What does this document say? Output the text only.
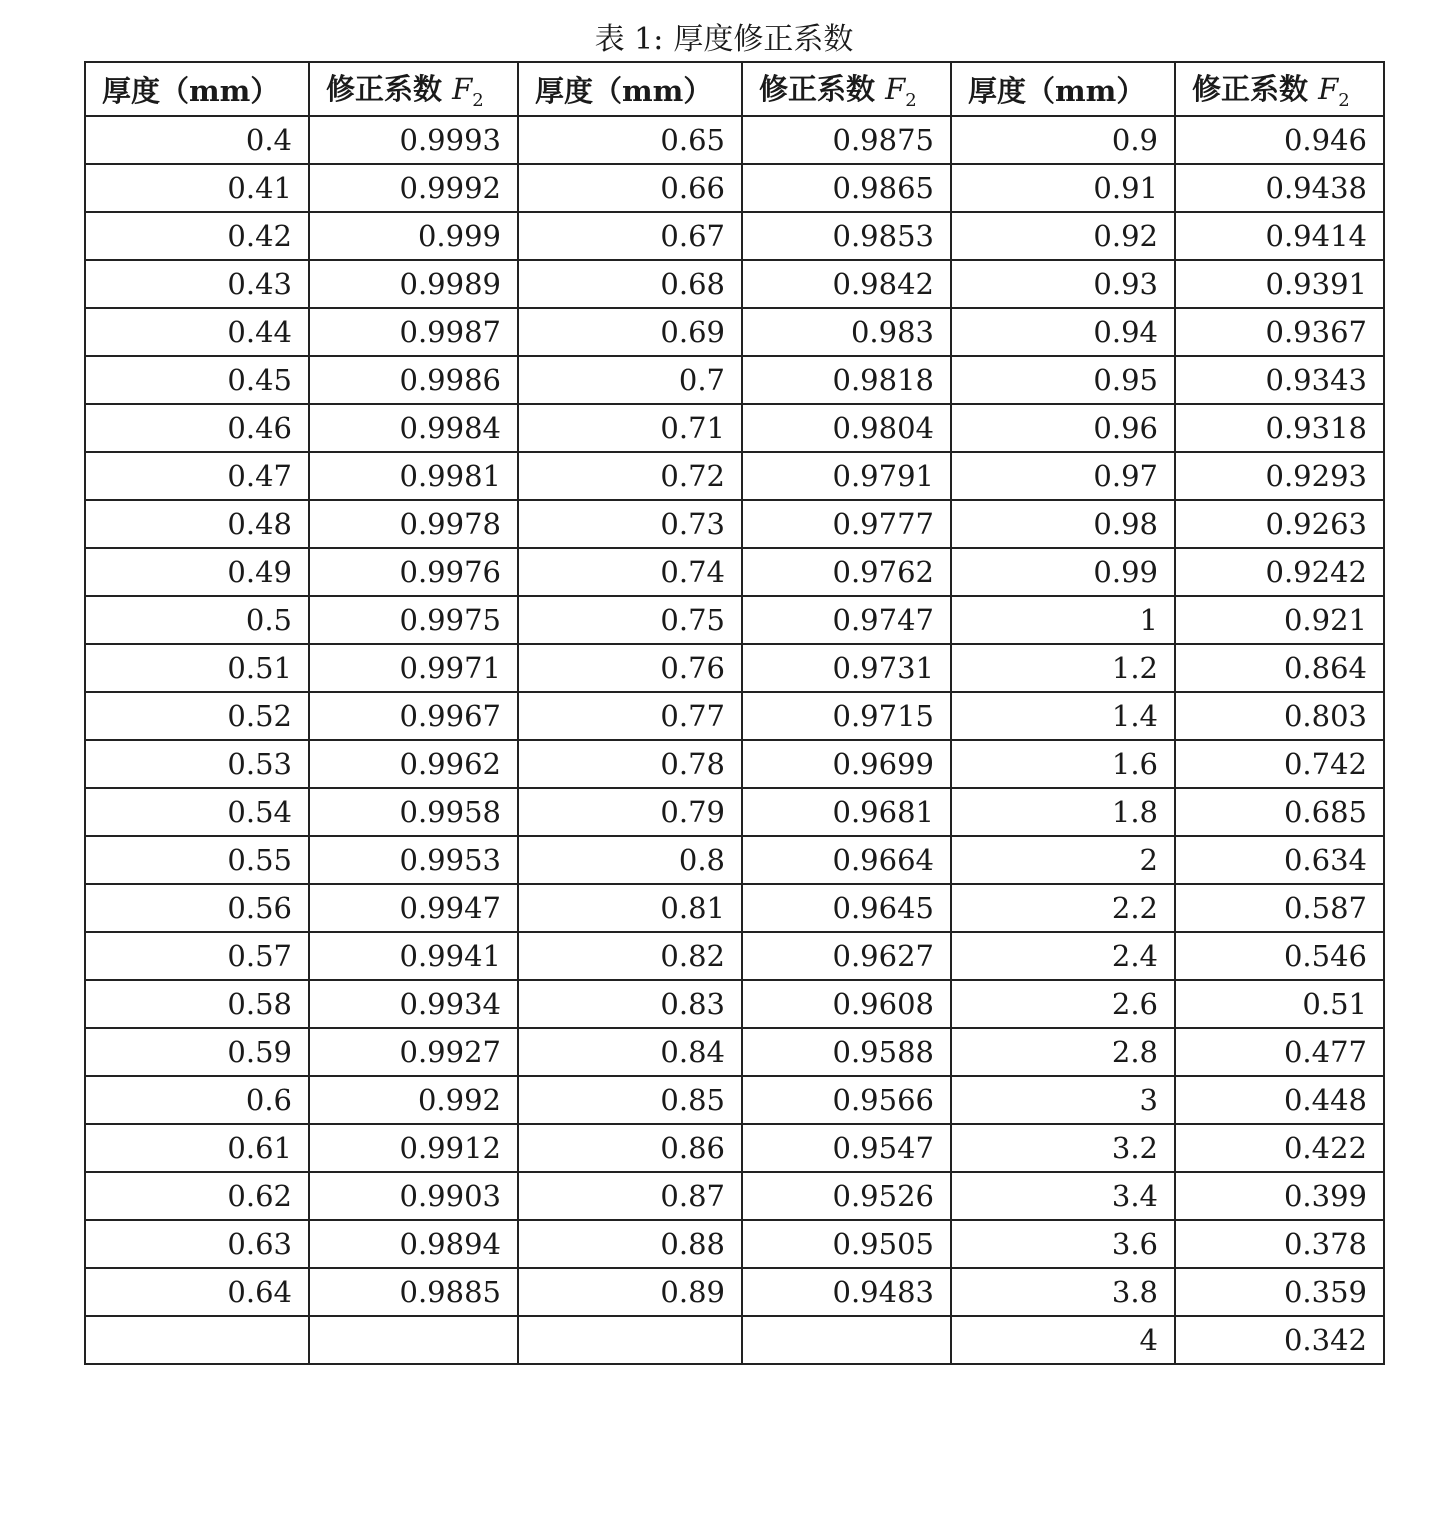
表 1: 厚度修正系数
厚度（mm）	修正系数 $F_2$	厚度（mm）	修正系数 $F_2$	厚度（mm）	修正系数 $F_2$
0.4	0.9993	0.65	0.9875	0.9	0.946
0.41	0.9992	0.66	0.9865	0.91	0.9438
0.42	0.999	0.67	0.9853	0.92	0.9414
0.43	0.9989	0.68	0.9842	0.93	0.9391
0.44	0.9987	0.69	0.983	0.94	0.9367
0.45	0.9986	0.7	0.9818	0.95	0.9343
0.46	0.9984	0.71	0.9804	0.96	0.9318
0.47	0.9981	0.72	0.9791	0.97	0.9293
0.48	0.9978	0.73	0.9777	0.98	0.9263
0.49	0.9976	0.74	0.9762	0.99	0.9242
0.5	0.9975	0.75	0.9747	1	0.921
0.51	0.9971	0.76	0.9731	1.2	0.864
0.52	0.9967	0.77	0.9715	1.4	0.803
0.53	0.9962	0.78	0.9699	1.6	0.742
0.54	0.9958	0.79	0.9681	1.8	0.685
0.55	0.9953	0.8	0.9664	2	0.634
0.56	0.9947	0.81	0.9645	2.2	0.587
0.57	0.9941	0.82	0.9627	2.4	0.546
0.58	0.9934	0.83	0.9608	2.6	0.51
0.59	0.9927	0.84	0.9588	2.8	0.477
0.6	0.992	0.85	0.9566	3	0.448
0.61	0.9912	0.86	0.9547	3.2	0.422
0.62	0.9903	0.87	0.9526	3.4	0.399
0.63	0.9894	0.88	0.9505	3.6	0.378
0.64	0.9885	0.89	0.9483	3.8	0.359
				4	0.342
